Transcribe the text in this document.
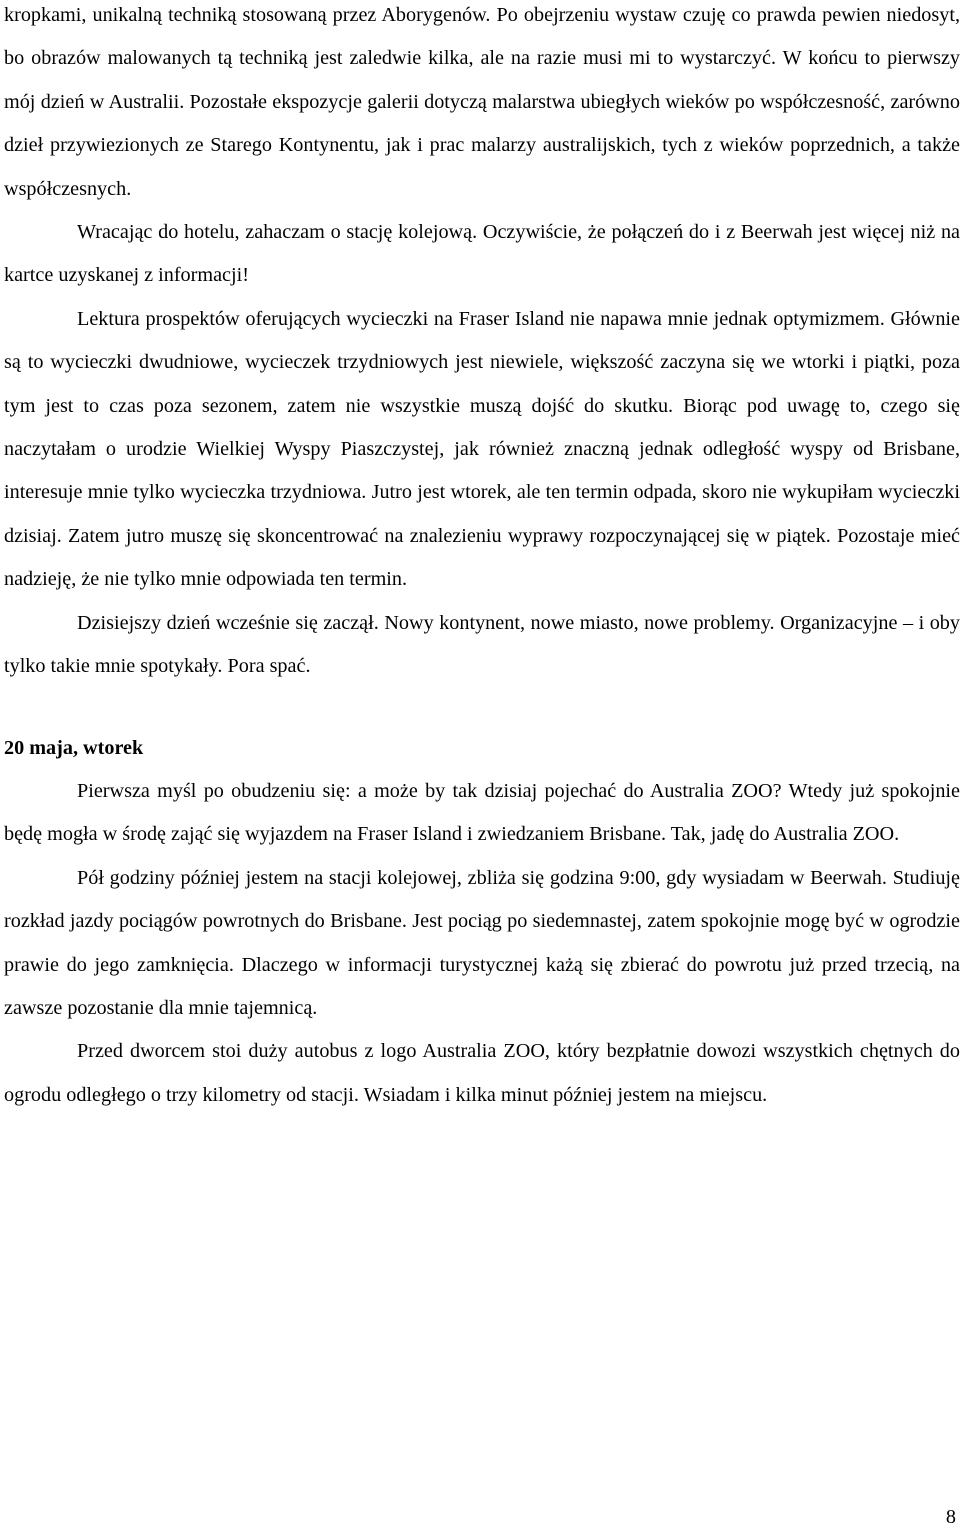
kropkami, unikalną techniką stosowaną przez Aborygenów. Po obejrzeniu wystaw czuję co prawda pewien niedosyt, bo obrazów malowanych tą techniką jest zaledwie kilka, ale na razie musi mi to wystarczyć. W końcu to pierwszy mój dzień w Australii. Pozostałe ekspozycje galerii dotyczą malarstwa ubiegłych wieków po współczesność, zarówno dzieł przywiezionych ze Starego Kontynentu, jak i prac malarzy australijskich, tych z wieków poprzednich, a także współczesnych.

Wracając do hotelu, zahaczam o stację kolejową. Oczywiście, że połączeń do i z Beerwah jest więcej niż na kartce uzyskanej z informacji!

Lektura prospektów oferujących wycieczki na Fraser Island nie napawa mnie jednak optymizmem. Głównie są to wycieczki dwudniowe, wycieczek trzydniowych jest niewiele, większość zaczyna się we wtorki i piątki, poza tym jest to czas poza sezonem, zatem nie wszystkie muszą dojść do skutku. Biorąc pod uwagę to, czego się naczytałam o urodzie Wielkiej Wyspy Piaszczystej, jak również znaczną jednak odległość wyspy od Brisbane, interesuje mnie tylko wycieczka trzydniowa. Jutro jest wtorek, ale ten termin odpada, skoro nie wykupiłam wycieczki dzisiaj. Zatem jutro muszę się skoncentrować na znalezieniu wyprawy rozpoczynającej się w piątek. Pozostaje mieć nadzieję, że nie tylko mnie odpowiada ten termin.

Dzisiejszy dzień wcześnie się zaczął. Nowy kontynent, nowe miasto, nowe problemy. Organizacyjne – i oby tylko takie mnie spotykały. Pora spać.

20 maja, wtorek

Pierwsza myśl po obudzeniu się: a może by tak dzisiaj pojechać do Australia ZOO? Wtedy już spokojnie będę mogła w środę zająć się wyjazdem na Fraser Island i zwiedzaniem Brisbane. Tak, jadę do Australia ZOO.

Pół godziny później jestem na stacji kolejowej, zbliża się godzina 9:00, gdy wysiadam w Beerwah. Studiuję rozkład jazdy pociągów powrotnych do Brisbane. Jest pociąg po siedemnastej, zatem spokojnie mogę być w ogrodzie prawie do jego zamknięcia. Dlaczego w informacji turystycznej każą się zbierać do powrotu już przed trzecią, na zawsze pozostanie dla mnie tajemnicą.

Przed dworcem stoi duży autobus z logo Australia ZOO, który bezpłatnie dowozi wszystkich chętnych do ogrodu odległego o trzy kilometry od stacji. Wsiadam i kilka minut później jestem na miejscu.

8
